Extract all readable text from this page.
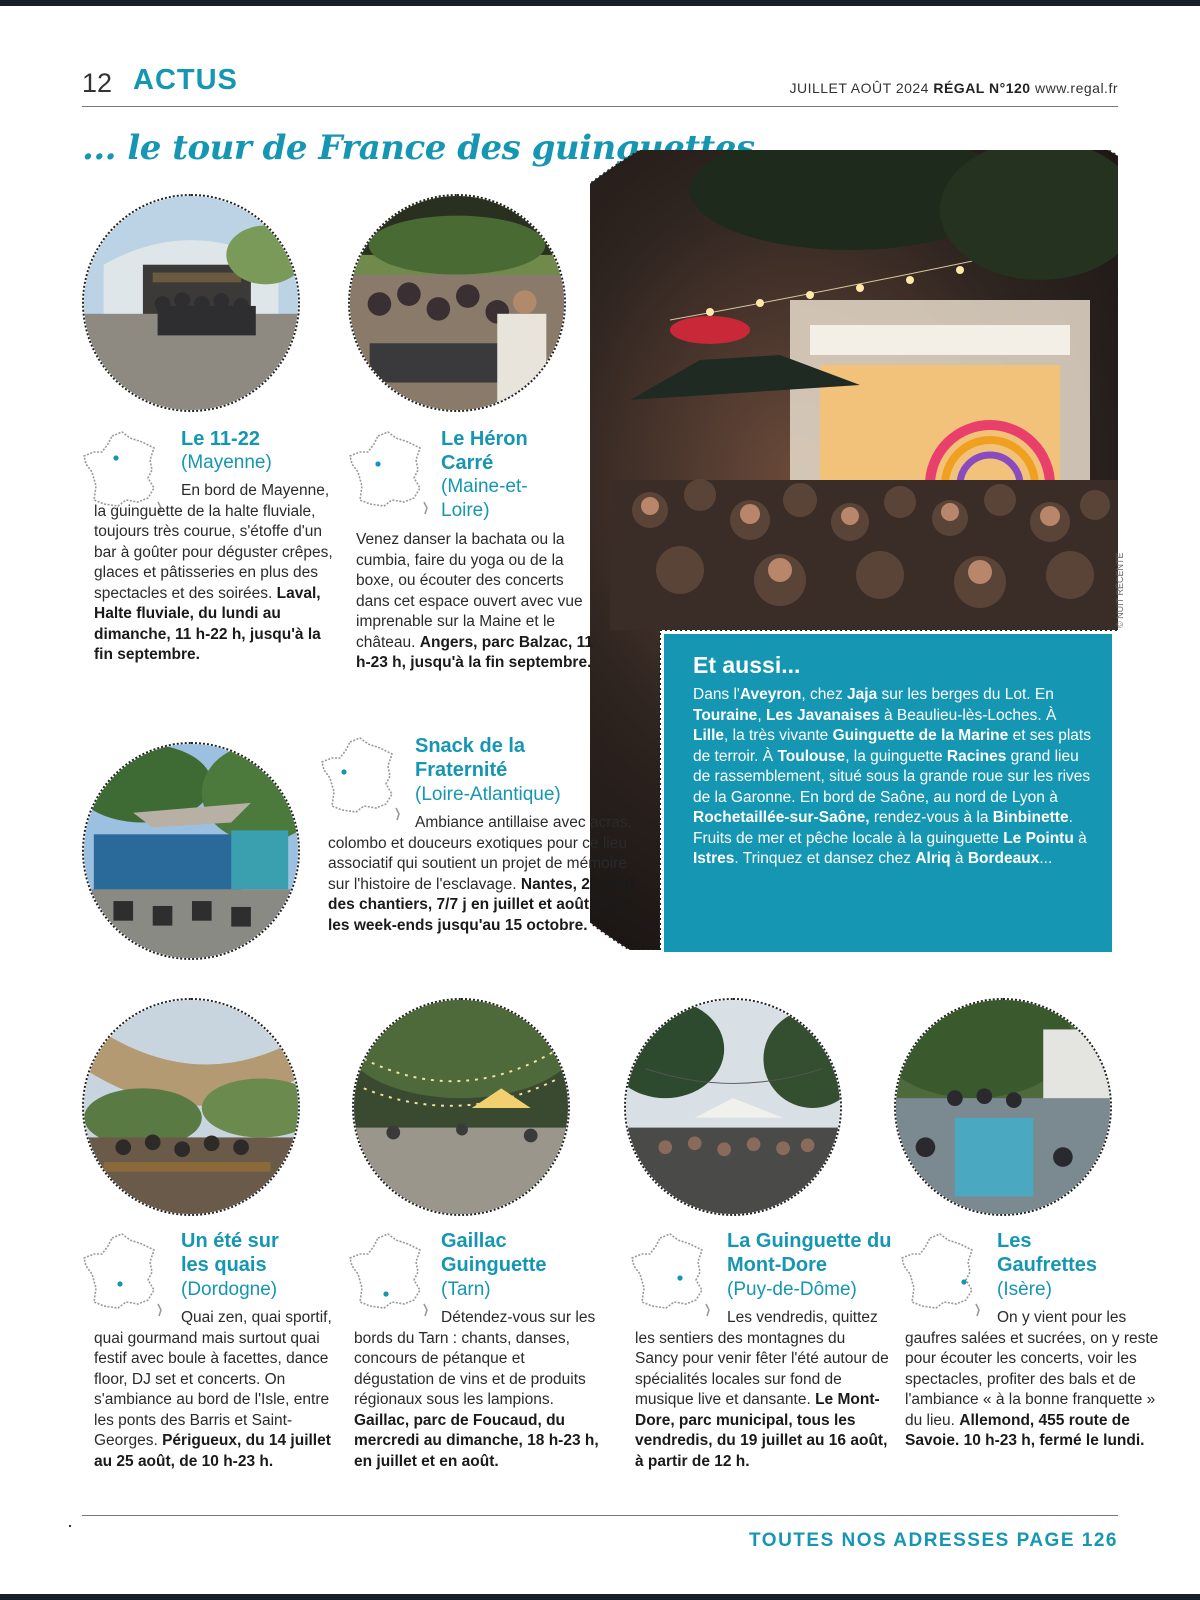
12 ACTUS	JUILLET AOÛT 2024 RÉGAL N°120 www.regal.fr
... le tour de France des guinguettes
© NUIT RÉCENTE
Le 11-22
(Mayenne)
En bord de Mayenne, la guinguette de la halte fluviale, toujours très courue, s'étoffe d'un bar à goûter pour déguster crêpes, glaces et pâtisseries en plus des spectacles et des soirées. Laval, Halte fluviale, du lundi au dimanche, 11 h-22 h, jusqu'à la fin septembre.
Le Héron Carré
(Maine-et-Loire)
Venez danser la bachata ou la cumbia, faire du yoga ou de la boxe, ou écouter des concerts dans cet espace ouvert avec vue imprenable sur la Maine et le château. Angers, parc Balzac, 11 h-23 h, jusqu'à la fin septembre.
Snack de la Fraternité
(Loire-Atlantique)
Ambiance antillaise avec acras, colombo et douceurs exotiques pour ce lieu associatif qui soutient un projet de mémoire sur l'histoire de l'esclavage. Nantes, 22 mail des chantiers, 7/7 j en juillet et août puis les week-ends jusqu'au 15 octobre.
Et aussi...
Dans l'Aveyron, chez Jaja sur les berges du Lot. En Touraine, Les Javanaises à Beaulieu-lès-Loches. À Lille, la très vivante Guinguette de la Marine et ses plats de terroir. À Toulouse, la guinguette Racines grand lieu de rassemblement, situé sous la grande roue sur les rives de la Garonne. En bord de Saône, au nord de Lyon à Rochetaillée-sur-Saône, rendez-vous à la Binbinette. Fruits de mer et pêche locale à la guinguette Le Pointu à Istres. Trinquez et dansez chez Alriq à Bordeaux...
Un été sur les quais
(Dordogne)
Quai zen, quai sportif, quai gourmand mais surtout quai festif avec boule à facettes, dance floor, DJ set et concerts. On s'ambiance au bord de l'Isle, entre les ponts des Barris et Saint-Georges. Périgueux, du 14 juillet au 25 août, de 10 h-23 h.
Gaillac Guinguette
(Tarn)
Détendez-vous sur les bords du Tarn : chants, danses, concours de pétanque et dégustation de vins et de produits régionaux sous les lampions. Gaillac, parc de Foucaud, du mercredi au dimanche, 18 h-23 h, en juillet et en août.
La Guinguette du Mont-Dore
(Puy-de-Dôme)
Les vendredis, quittez les sentiers des montagnes du Sancy pour venir fêter l'été autour de spécialités locales sur fond de musique live et dansante. Le Mont-Dore, parc municipal, tous les vendredis, du 19 juillet au 16 août, à partir de 12 h.
Les Gaufrettes
(Isère)
On y vient pour les gaufres salées et sucrées, on y reste pour écouter les concerts, voir les spectacles, profiter des bals et de l'ambiance « à la bonne franquette » du lieu. Allemond, 455 route de Savoie. 10 h-23 h, fermé le lundi.
TOUTES NOS ADRESSES PAGE 126
